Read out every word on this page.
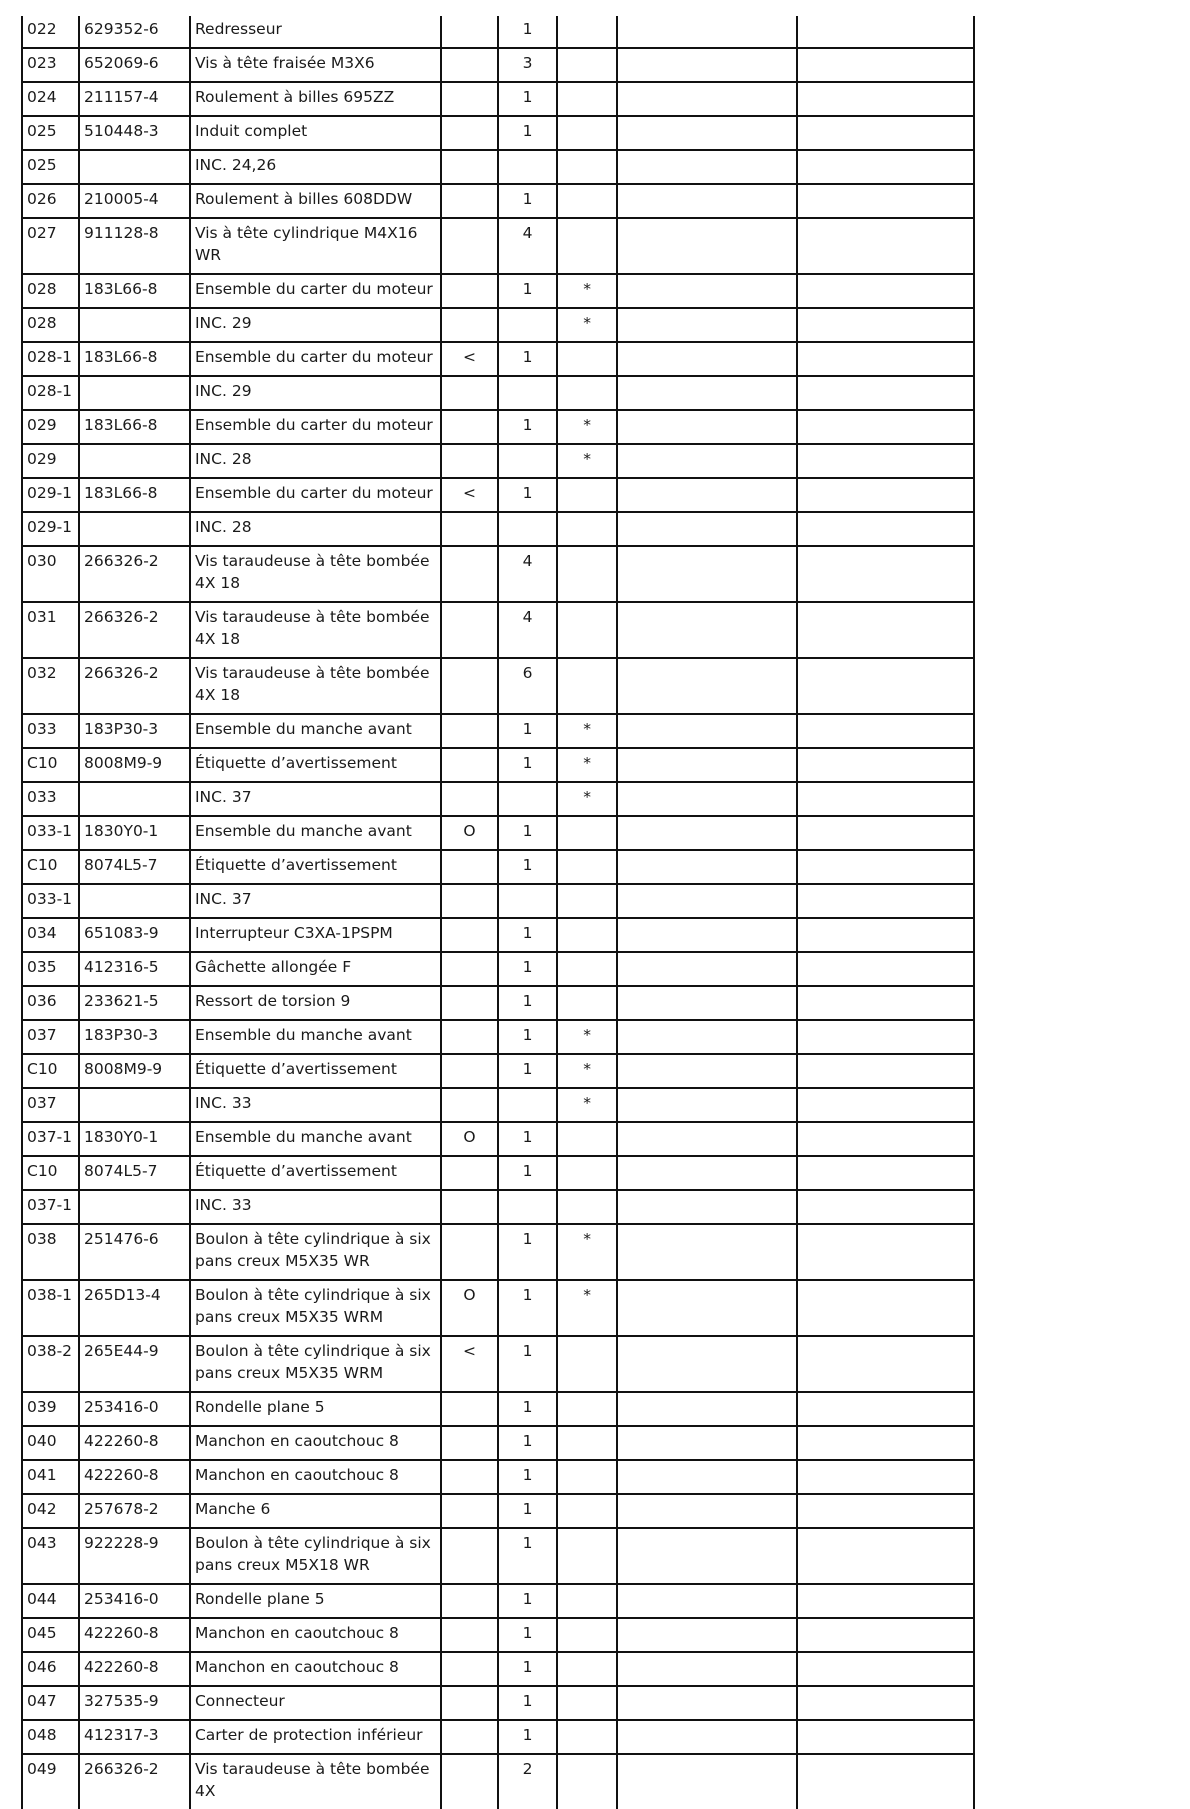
022	629352-6	Redresseur		1			
023	652069-6	Vis à tête fraisée M3X6		3			
024	211157-4	Roulement à billes 695ZZ		1			
025	510448-3	Induit complet		1			
025		INC. 24,26					
026	210005-4	Roulement à billes 608DDW		1			
027	911128-8	Vis à tête cylindrique M4X16 WR		4			
028	183L66-8	Ensemble du carter du moteur		1	*		
028		INC. 29			*		
028-1	183L66-8	Ensemble du carter du moteur	<	1			
028-1		INC. 29					
029	183L66-8	Ensemble du carter du moteur		1	*		
029		INC. 28			*		
029-1	183L66-8	Ensemble du carter du moteur	<	1			
029-1		INC. 28					
030	266326-2	Vis taraudeuse à tête bombée 4X 18		4			
031	266326-2	Vis taraudeuse à tête bombée 4X 18		4			
032	266326-2	Vis taraudeuse à tête bombée 4X 18		6			
033	183P30-3	Ensemble du manche avant		1	*		
C10	8008M9-9	Étiquette d’avertissement		1	*		
033		INC. 37			*		
033-1	1830Y0-1	Ensemble du manche avant	O	1			
C10	8074L5-7	Étiquette d’avertissement		1			
033-1		INC. 37					
034	651083-9	Interrupteur C3XA-1PSPM		1			
035	412316-5	Gâchette allongée F		1			
036	233621-5	Ressort de torsion 9		1			
037	183P30-3	Ensemble du manche avant		1	*		
C10	8008M9-9	Étiquette d’avertissement		1	*		
037		INC. 33			*		
037-1	1830Y0-1	Ensemble du manche avant	O	1			
C10	8074L5-7	Étiquette d’avertissement		1			
037-1		INC. 33					
038	251476-6	Boulon à tête cylindrique à six pans creux M5X35 WR		1	*		
038-1	265D13-4	Boulon à tête cylindrique à six pans creux M5X35 WRM	O	1	*		
038-2	265E44-9	Boulon à tête cylindrique à six pans creux M5X35 WRM	<	1			
039	253416-0	Rondelle plane 5		1			
040	422260-8	Manchon en caoutchouc 8		1			
041	422260-8	Manchon en caoutchouc 8		1			
042	257678-2	Manche 6		1			
043	922228-9	Boulon à tête cylindrique à six pans creux M5X18 WR		1			
044	253416-0	Rondelle plane 5		1			
045	422260-8	Manchon en caoutchouc 8		1			
046	422260-8	Manchon en caoutchouc 8		1			
047	327535-9	Connecteur		1			
048	412317-3	Carter de protection inférieur		1			
049	266326-2	Vis taraudeuse à tête bombée 4X		2			
